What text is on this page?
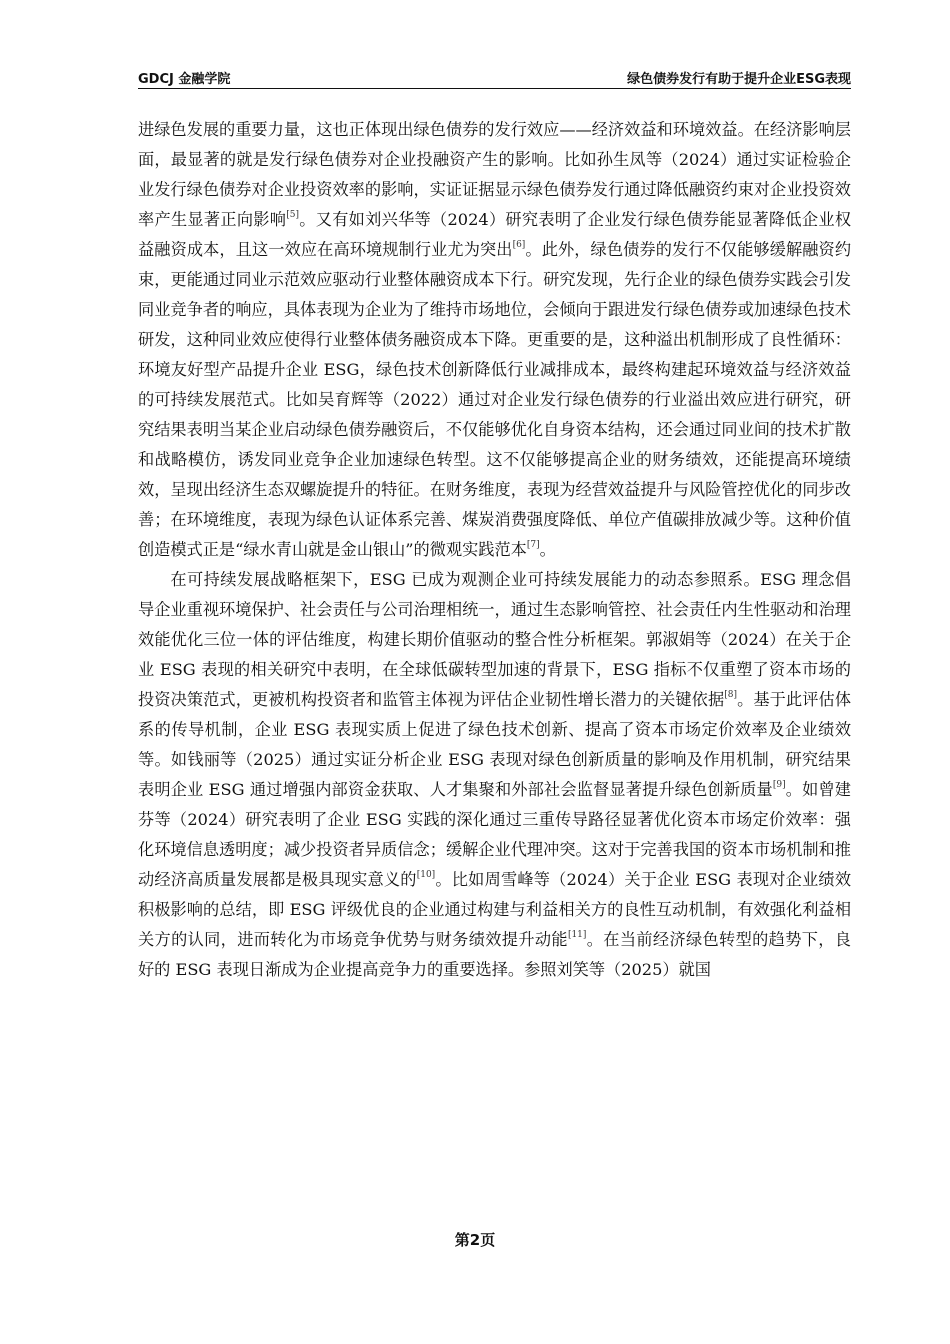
GDCJ 金融学院	绿色债券发行有助于提升企业ESG表现

进绿色发展的重要力量，这也正体现出绿色债券的发行效应——经济效益和环境效益。在经济影响层面，最显著的就是发行绿色债券对企业投融资产生的影响。比如孙生凤等（2024）通过实证检验企业发行绿色债券对企业投资效率的影响，实证证据显示绿色债券发行通过降低融资约束对企业投资效率产生显著正向影响[5]。又有如刘兴华等（2024）研究表明了企业发行绿色债券能显著降低企业权益融资成本，且这一效应在高环境规制行业尤为突出[6]。此外，绿色债券的发行不仅能够缓解融资约束，更能通过同业示范效应驱动行业整体融资成本下行。研究发现，先行企业的绿色债券实践会引发同业竞争者的响应，具体表现为企业为了维持市场地位，会倾向于跟进发行绿色债券或加速绿色技术研发，这种同业效应使得行业整体债务融资成本下降。更重要的是，这种溢出机制形成了良性循环：环境友好型产品提升企业 ESG，绿色技术创新降低行业减排成本，最终构建起环境效益与经济效益的可持续发展范式。比如吴育辉等（2022）通过对企业发行绿色债券的行业溢出效应进行研究，研究结果表明当某企业启动绿色债券融资后，不仅能够优化自身资本结构，还会通过同业间的技术扩散和战略模仿，诱发同业竞争企业加速绿色转型。这不仅能够提高企业的财务绩效，还能提高环境绩效，呈现出经济生态双螺旋提升的特征。在财务维度，表现为经营效益提升与风险管控优化的同步改善；在环境维度，表现为绿色认证体系完善、煤炭消费强度降低、单位产值碳排放减少等。这种价值创造模式正是“绿水青山就是金山银山”的微观实践范本[7]。

在可持续发展战略框架下，ESG 已成为观测企业可持续发展能力的动态参照系。ESG 理念倡导企业重视环境保护、社会责任与公司治理相统一，通过生态影响管控、社会责任内生性驱动和治理效能优化三位一体的评估维度，构建长期价值驱动的整合性分析框架。郭淑娟等（2024）在关于企业 ESG 表现的相关研究中表明，在全球低碳转型加速的背景下，ESG 指标不仅重塑了资本市场的投资决策范式，更被机构投资者和监管主体视为评估企业韧性增长潜力的关键依据[8]。基于此评估体系的传导机制，企业 ESG 表现实质上促进了绿色技术创新、提高了资本市场定价效率及企业绩效等。如钱丽等（2025）通过实证分析企业 ESG 表现对绿色创新质量的影响及作用机制，研究结果表明企业 ESG 通过增强内部资金获取、人才集聚和外部社会监督显著提升绿色创新质量[9]。如曾建芬等（2024）研究表明了企业 ESG 实践的深化通过三重传导路径显著优化资本市场定价效率：强化环境信息透明度；减少投资者异质信念；缓解企业代理冲突。这对于完善我国的资本市场机制和推动经济高质量发展都是极具现实意义的[10]。比如周雪峰等（2024）关于企业 ESG 表现对企业绩效积极影响的总结，即 ESG 评级优良的企业通过构建与利益相关方的良性互动机制，有效强化利益相关方的认同，进而转化为市场竞争优势与财务绩效提升动能[11]。在当前经济绿色转型的趋势下，良好的 ESG 表现日渐成为企业提高竞争力的重要选择。参照刘笑等（2025）就国

第2页
